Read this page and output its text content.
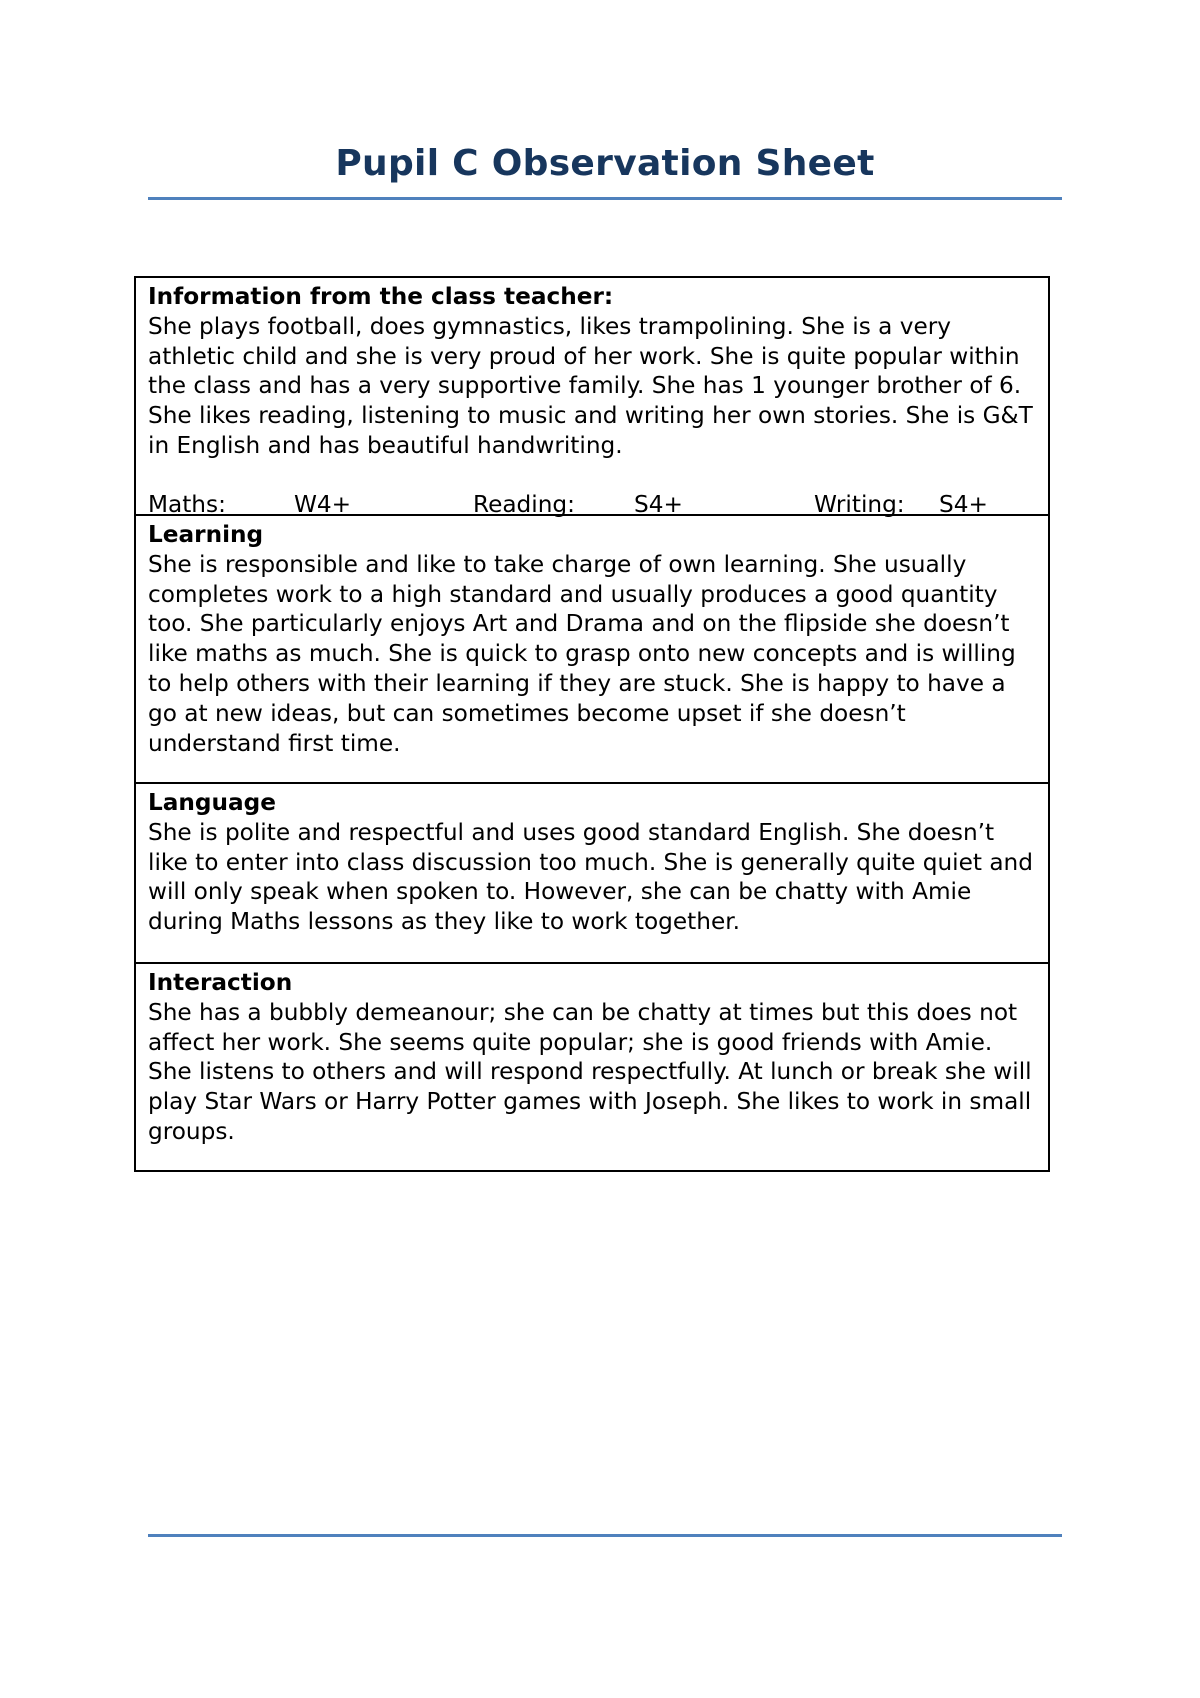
Pupil C Observation Sheet
Information from the class teacher:
She plays football, does gymnastics, likes trampolining. She is a very athletic child and she is very proud of her work. She is quite popular within the class and has a very supportive family. She has 1 younger brother of 6. She likes reading, listening to music and writing her own stories. She is G&T in English and has beautiful handwriting.
Maths:	W4+	Reading:	S4+	Writing: S4+
Learning
She is responsible and like to take charge of own learning. She usually completes work to a high standard and usually produces a good quantity too. She particularly enjoys Art and Drama and on the flipside she doesn’t like maths as much. She is quick to grasp onto new concepts and is willing to help others with their learning if they are stuck. She is happy to have a go at new ideas, but can sometimes become upset if she doesn’t understand first time.
Language
She is polite and respectful and uses good standard English. She doesn’t like to enter into class discussion too much. She is generally quite quiet and will only speak when spoken to. However, she can be chatty with Amie during Maths lessons as they like to work together.
Interaction
She has a bubbly demeanour; she can be chatty at times but this does not affect her work. She seems quite popular; she is good friends with Amie. She listens to others and will respond respectfully. At lunch or break she will play Star Wars or Harry Potter games with Joseph. She likes to work in small groups.
